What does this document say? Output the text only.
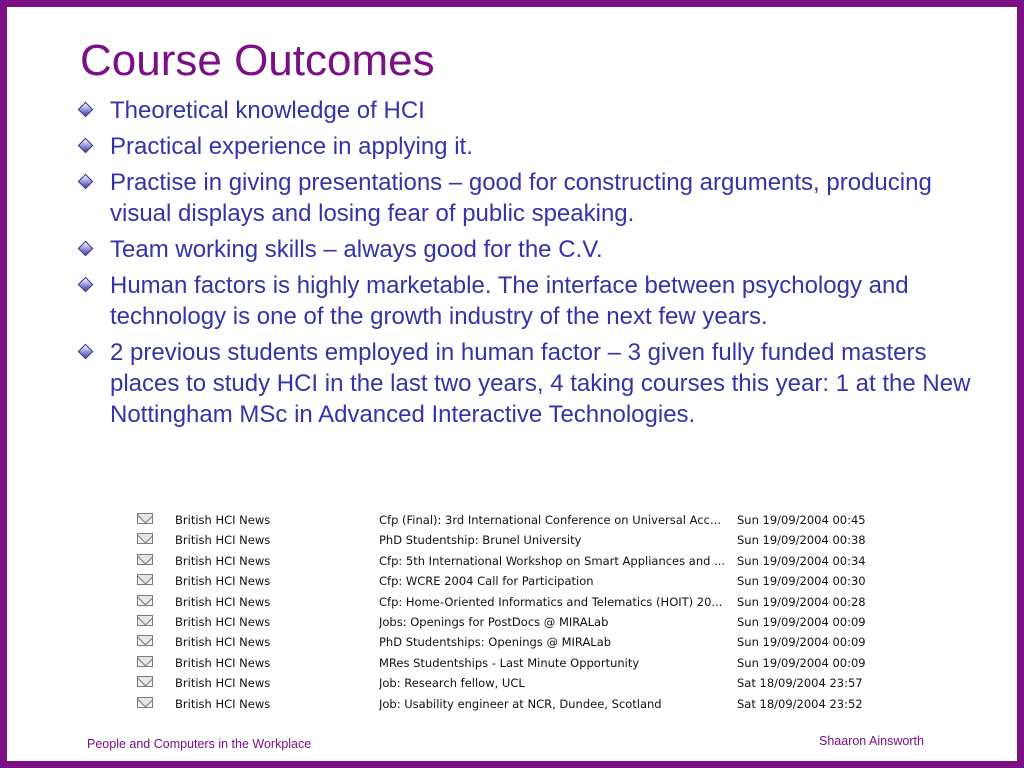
Course Outcomes
Theoretical knowledge of HCI
Practical experience in applying it.
Practise in giving presentations – good for constructing arguments, producing visual displays and losing fear of public speaking.
Team working skills – always good for the C.V.
Human factors is highly marketable. The interface between psychology and technology is one of the growth industry of the next few years.
2 previous students employed in human factor – 3 given fully funded masters places to study HCI in the last two years, 4 taking courses this year: 1 at the New Nottingham MSc in Advanced Interactive Technologies.
British HCI News	Cfp (Final): 3rd International Conference on Universal Acc...	Sun 19/09/2004 00:45
British HCI News	PhD Studentship: Brunel University	Sun 19/09/2004 00:38
British HCI News	Cfp: 5th International Workshop on Smart Appliances and ...	Sun 19/09/2004 00:34
British HCI News	Cfp: WCRE 2004 Call for Participation	Sun 19/09/2004 00:30
British HCI News	Cfp: Home-Oriented Informatics and Telematics (HOIT) 20...	Sun 19/09/2004 00:28
British HCI News	Jobs: Openings for PostDocs @ MIRALab	Sun 19/09/2004 00:09
British HCI News	PhD Studentships: Openings @ MIRALab	Sun 19/09/2004 00:09
British HCI News	MRes Studentships - Last Minute Opportunity	Sun 19/09/2004 00:09
British HCI News	Job: Research fellow, UCL	Sat 18/09/2004 23:57
British HCI News	Job: Usability engineer at NCR, Dundee, Scotland	Sat 18/09/2004 23:52
People and Computers in the Workplace	Shaaron Ainsworth
